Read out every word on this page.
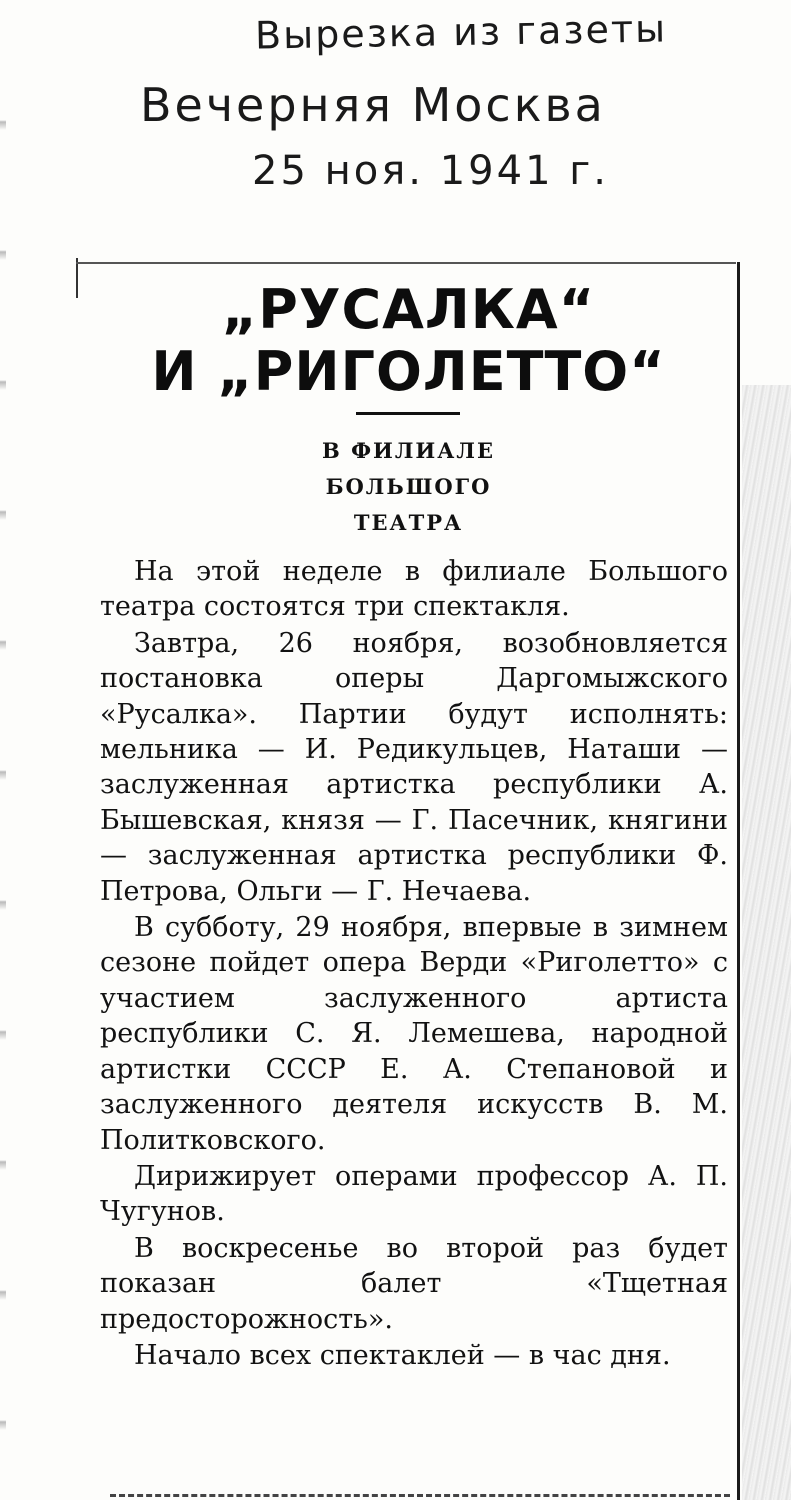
Вырезка из газеты
Вечерняя Москва
25 ноя. 1941 г.
„РУСАЛКА“
И „РИГОЛЕТТО“
В ФИЛИАЛЕ
БОЛЬШОГО
ТЕАТРА

На этой неделе в филиале Большого театра состоятся три спектакля.

Завтра, 26 ноября, возобновляется постановка оперы Даргомыжского «Русалка». Партии будут исполнять: мельника — И. Редикульцев, Наташи — заслуженная артистка республики А. Бышевская, князя — Г. Пасечник, княгини — заслуженная артистка республики Ф. Петрова, Ольги — Г. Нечаева.

В субботу, 29 ноября, впервые в зимнем сезоне пойдет опера Верди «Риголетто» с участием заслуженного артиста республики С. Я. Лемешева, народной артистки СССР Е. А. Степановой и заслуженного деятеля искусств В. М. Политковского.

Дирижирует операми профессор А. П. Чугунов.

В воскресенье во второй раз будет показан балет «Тщетная предосторожность».

Начало всех спектаклей — в час дня.
